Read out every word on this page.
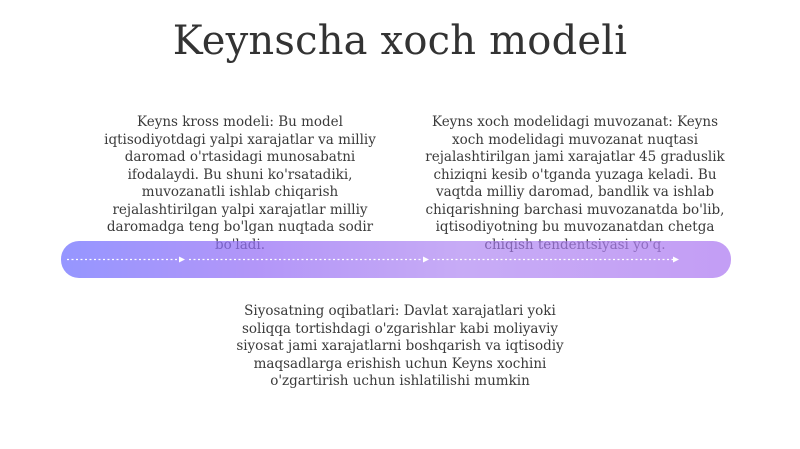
Keynscha xoch modeli
Keyns kross modeli: Bu model iqtisodiyotdagi yalpi xarajatlar va milliy daromad o'rtasidagi munosabatni ifodalaydi. Bu shuni ko'rsatadiki, muvozanatli ishlab chiqarish rejalashtirilgan yalpi xarajatlar milliy daromadga teng bo'lgan nuqtada sodir
Keyns xoch modelidagi muvozanat: Keyns xoch modelidagi muvozanat nuqtasi rejalashtirilgan jami xarajatlar 45 graduslik chiziqni kesib o'tganda yuzaga keladi. Bu vaqtda milliy daromad, bandlik va ishlab chiqarishning barchasi muvozanatda bo'lib, iqtisodiyotning bu muvozanatdan chetga
Siyosatning oqibatlari: Davlat xarajatlari yoki soliqqa tortishdagi o'zgarishlar kabi moliyaviy siyosat jami xarajatlarni boshqarish va iqtisodiy maqsadlarga erishish uchun Keyns xochini o'zgartirish uchun ishlatilishi mumkin
